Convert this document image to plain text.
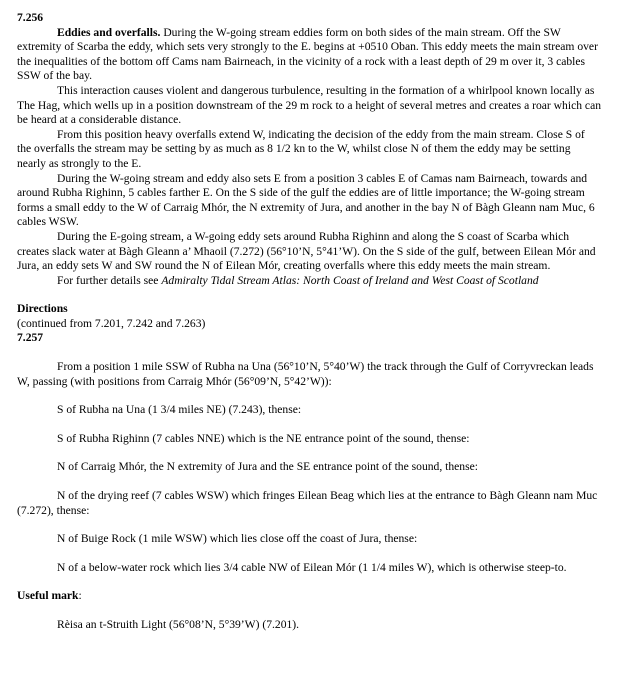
7.256

Eddies and overfalls. During the W-going stream eddies form on both sides of the main stream. Off the SW extremity of Scarba the eddy, which sets very strongly to the E. begins at +0510 Oban. This eddy meets the main stream over the inequalities of the bottom off Cams nam Bairneach, in the vicinity of a rock with a least depth of 29 m over it, 3 cables SSW of the bay.

This interaction causes violent and dangerous turbulence, resulting in the formation of a whirlpool known locally as The Hag, which wells up in a position downstream of the 29 m rock to a height of several metres and creates a roar which can be heard at a considerable distance.

From this position heavy overfalls extend W, indicating the decision of the eddy from the main stream. Close S of the overfalls the stream may be setting by as much as 8 1/2 kn to the W, whilst close N of them the eddy may be setting nearly as strongly to the E.

During the W-going stream and eddy also sets E from a position 3 cables E of Camas nam Bairneach, towards and around Rubha Righinn, 5 cables farther E. On the S side of the gulf the eddies are of little importance; the W-going stream forms a small eddy to the W of Carraig Mhór, the N extremity of Jura, and another in the bay N of Bàgh Gleann nam Muc, 6 cables WSW.

During the E-going stream, a W-going eddy sets around Rubha Righinn and along the S coast of Scarba which creates slack water at Bàgh Gleann a’ Mhaoil (7.272) (56°10’N, 5°41’W). On the S side of the gulf, between Eilean Mór and Jura, an eddy sets W and SW round the N of Eilean Mór, creating overfalls where this eddy meets the main stream.

For further details see Admiralty Tidal Stream Atlas: North Coast of Ireland and West Coast of Scotland

Directions

(continued from 7.201, 7.242 and 7.263)

7.257

From a position 1 mile SSW of Rubha na Una (56°10’N, 5°40’W) the track through the Gulf of Corryvreckan leads W, passing (with positions from Carraig Mhór (56°09’N, 5°42’W)):

S of Rubha na Una (1 3/4 miles NE) (7.243), thense:

S of Rubha Righinn (7 cables NNE) which is the NE entrance point of the sound, thense:

N of Carraig Mhór, the N extremity of Jura and the SE entrance point of the sound, thense:

N of the drying reef (7 cables WSW) which fringes Eilean Beag which lies at the entrance to Bàgh Gleann nam Muc (7.272), thense:

N of Buige Rock (1 mile WSW) which lies close off the coast of Jura, thense:

N of a below-water rock which lies 3/4 cable NW of Eilean Mór (1 1/4 miles W), which is otherwise steep-to.

Useful mark:

Rèisa an t-Struith Light (56°08’N, 5°39’W) (7.201).
